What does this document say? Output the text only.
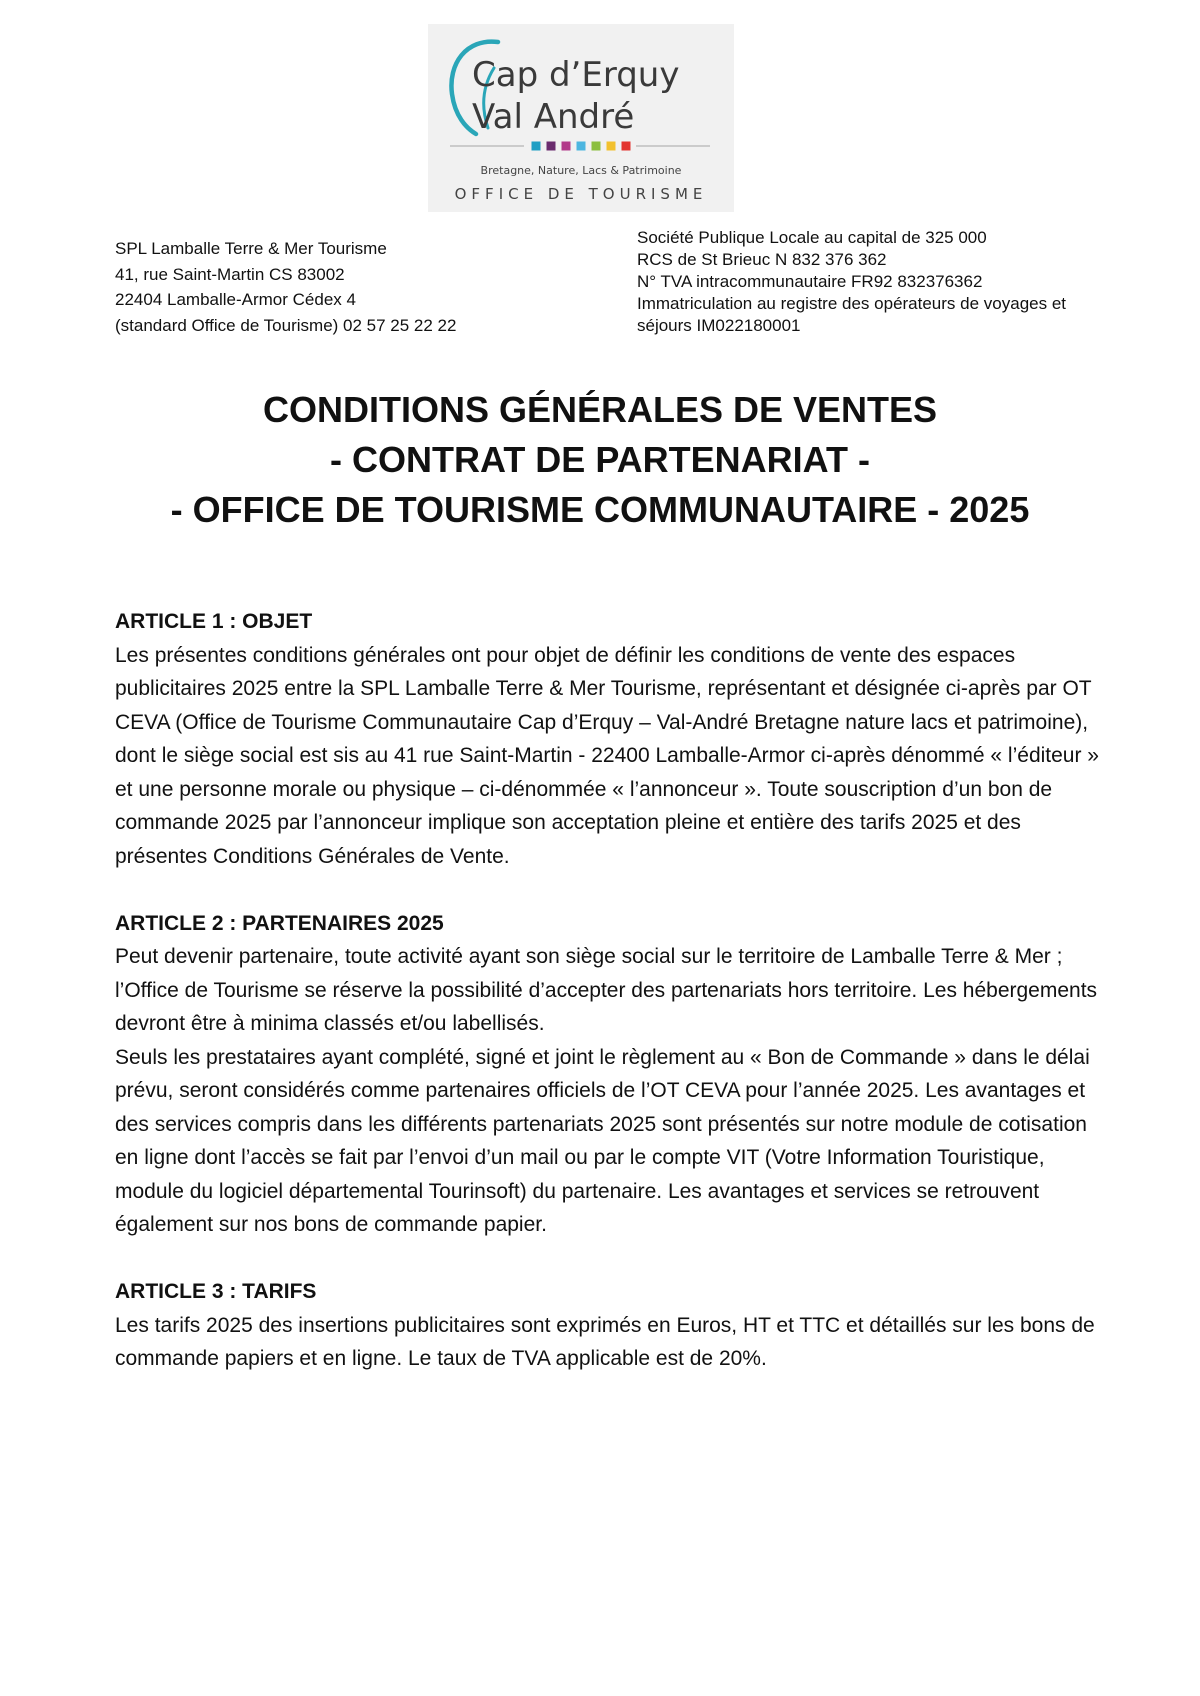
Cap d’Erquy
Val André
Bretagne, Nature, Lacs & Patrimoine
OFFICE DE TOURISME
SPL Lamballe Terre & Mer Tourisme
41, rue Saint-Martin CS 83002
22404 Lamballe-Armor Cédex 4
(standard Office de Tourisme) 02 57 25 22 22
Société Publique Locale au capital de 325 000
RCS de St Brieuc N 832 376 362
N° TVA intracommunautaire FR92 832376362
Immatriculation au registre des opérateurs de voyages et séjours IM022180001
CONDITIONS GÉNÉRALES DE VENTES
- CONTRAT DE PARTENARIAT -
- OFFICE DE TOURISME COMMUNAUTAIRE - 2025
ARTICLE 1 : OBJET

Les présentes conditions générales ont pour objet de définir les conditions de vente des espaces publicitaires 2025 entre la SPL Lamballe Terre & Mer Tourisme, représentant et désignée ci-après par OT CEVA (Office de Tourisme Communautaire Cap d’Erquy – Val-André Bretagne nature lacs et patrimoine), dont le siège social est sis au 41 rue Saint-Martin - 22400 Lamballe-Armor ci-après dénommé « l’éditeur » et une personne morale ou physique – ci-dénommée « l’annonceur ». Toute souscription d’un bon de commande 2025 par l’annonceur implique son acceptation pleine et entière des tarifs 2025 et des présentes Conditions Générales de Vente.

ARTICLE 2 : PARTENAIRES 2025

Peut devenir partenaire, toute activité ayant son siège social sur le territoire de Lamballe Terre & Mer ; l’Office de Tourisme se réserve la possibilité d’accepter des partenariats hors territoire. Les hébergements devront être à minima classés et/ou labellisés.

Seuls les prestataires ayant complété, signé et joint le règlement au « Bon de Commande » dans le délai prévu, seront considérés comme partenaires officiels de l’OT CEVA pour l’année 2025. Les avantages et des services compris dans les différents partenariats 2025 sont présentés sur notre module de cotisation en ligne dont l’accès se fait par l’envoi d’un mail ou par le compte VIT (Votre Information Touristique, module du logiciel départemental Tourinsoft) du partenaire. Les avantages et services se retrouvent également sur nos bons de commande papier.

ARTICLE 3 : TARIFS

Les tarifs 2025 des insertions publicitaires sont exprimés en Euros, HT et TTC et détaillés sur les bons de commande papiers et en ligne. Le taux de TVA applicable est de 20%.
